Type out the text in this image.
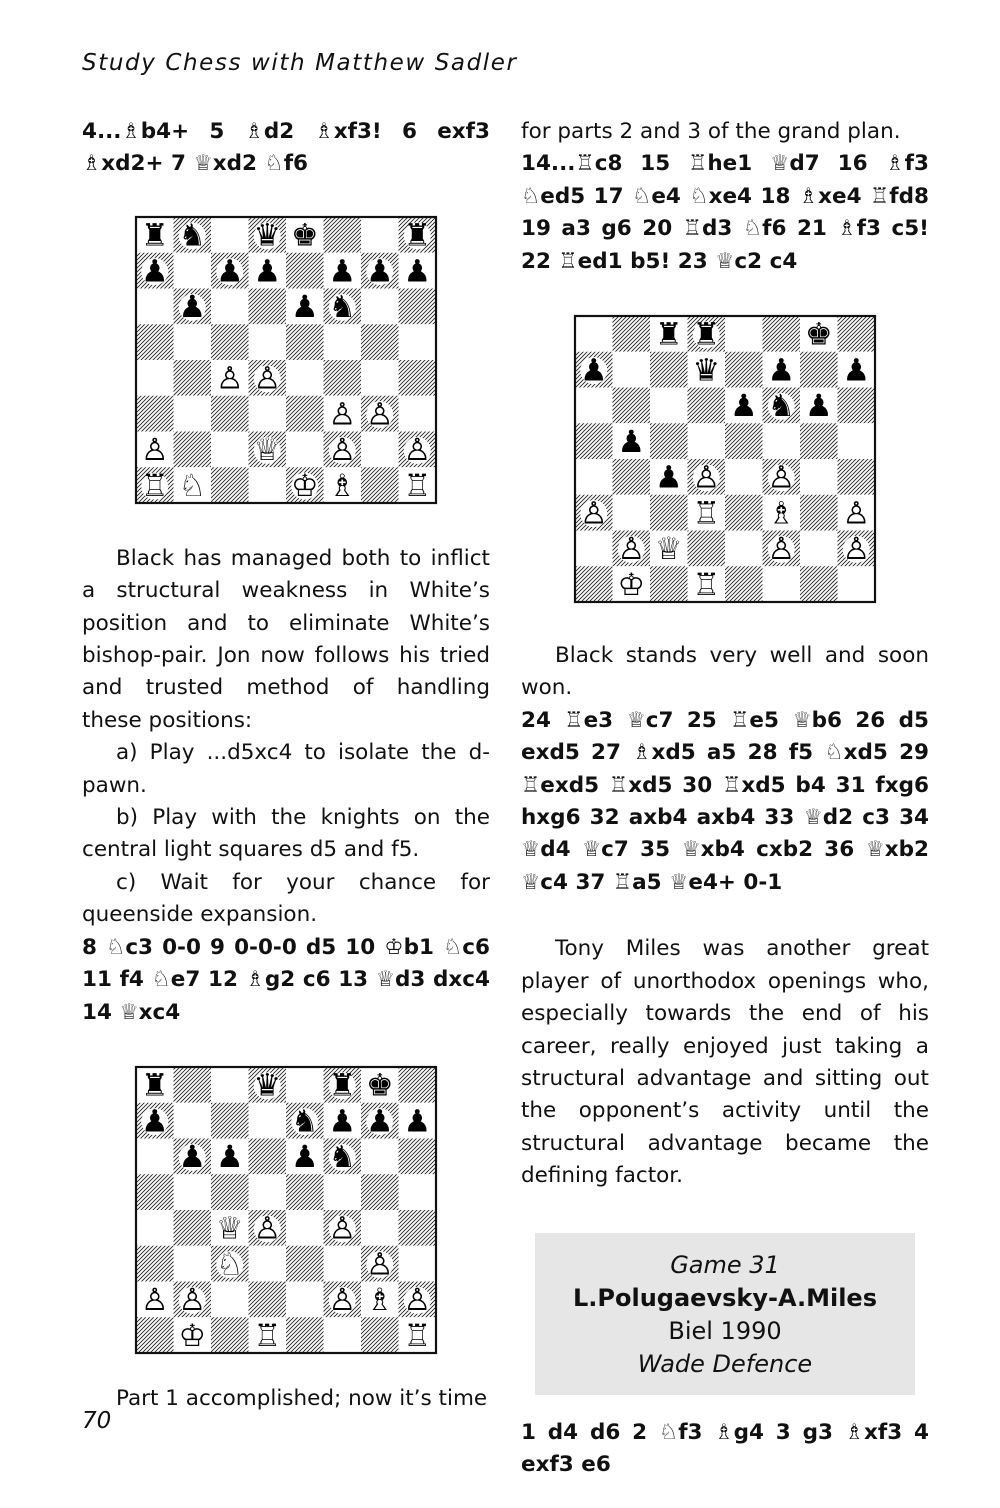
Study Chess with Matthew Sadler

4...♗b4+ 5 ♗d2 ♗xf3! 6 exf3 ♗xd2+ 7 ♕xd2 ♘f6

♜ ♞ ♛ ♚	♜
♟ ♟ ♟ ♟ ♟ ♟
♟	♟ ♞
♙ ♙
♙ ♙
♙	♕ ♙ ♙
♖ ♘	♔ ♗ ♖

Black has managed both to inflict a structural weakness in White’s position and to eliminate White’s bishop-pair. Jon now follows his tried and trusted method of handling these positions:

a) Play ...d5xc4 to isolate the d-pawn.

b) Play with the knights on the central light squares d5 and f5.

c) Wait for your chance for queenside expansion.

8 ♘c3 0-0 9 0-0-0 d5 10 ♔b1 ♘c6 11 f4 ♘e7 12 ♗g2 c6 13 ♕d3 dxc4 14 ♕xc4

♜	♛ ♜ ♚
♟	♞ ♟ ♟ ♟
♟ ♟ ♟ ♞
♕ ♙ ♙
♘	♙
♙ ♙	♙ ♗ ♙
♔ ♖	♖

Part 1 accomplished; now it’s time

for parts 2 and 3 of the grand plan.

14...♖c8 15 ♖he1 ♕d7 16 ♗f3 ♘ed5 17 ♘e4 ♘xe4 18 ♗xe4 ♖fd8 19 a3 g6 20 ♖d3 ♘f6 21 ♗f3 c5! 22 ♖ed1 b5! 23 ♕c2 c4

♜ ♜	♚
♟	♛ ♟ ♟
♟ ♞ ♟
♟
♟ ♙ ♙
♙	♖ ♗ ♙
♙ ♕	♙ ♙
♔ ♖

Black stands very well and soon won.

24 ♖e3 ♕c7 25 ♖e5 ♕b6 26 d5 exd5 27 ♗xd5 a5 28 f5 ♘xd5 29 ♖exd5 ♖xd5 30 ♖xd5 b4 31 fxg6 hxg6 32 axb4 axb4 33 ♕d2 c3 34 ♕d4 ♕c7 35 ♕xb4 cxb2 36 ♕xb2 ♕c4 37 ♖a5 ♕e4+ 0-1

Tony Miles was another great player of unorthodox openings who, especially towards the end of his career, really enjoyed just taking a structural advantage and sitting out the opponent’s activity until the structural advantage became the defining factor.

Game 31
L.Polugaevsky-A.Miles
Biel 1990
Wade Defence

1 d4 d6 2 ♘f3 ♗g4 3 g3 ♗xf3 4 exf3 e6

70
